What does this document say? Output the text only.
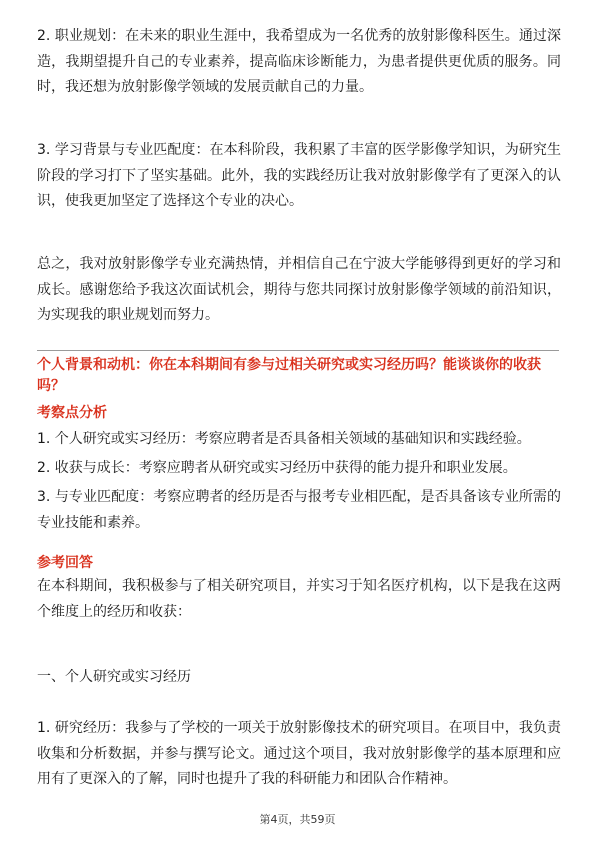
2. 职业规划：在未来的职业生涯中，我希望成为一名优秀的放射影像科医生。通过深造，我期望提升自己的专业素养，提高临床诊断能力，为患者提供更优质的服务。同时，我还想为放射影像学领域的发展贡献自己的力量。

3. 学习背景与专业匹配度：在本科阶段，我积累了丰富的医学影像学知识，为研究生阶段的学习打下了坚实基础。此外，我的实践经历让我对放射影像学有了更深入的认识，使我更加坚定了选择这个专业的决心。

总之，我对放射影像学专业充满热情，并相信自己在宁波大学能够得到更好的学习和成长。感谢您给予我这次面试机会，期待与您共同探讨放射影像学领域的前沿知识，为实现我的职业规划而努力。

个人背景和动机：你在本科期间有参与过相关研究或实习经历吗？能谈谈你的收获吗？

考察点分析

1. 个人研究或实习经历：考察应聘者是否具备相关领域的基础知识和实践经验。

2. 收获与成长：考察应聘者从研究或实习经历中获得的能力提升和职业发展。

3. 与专业匹配度：考察应聘者的经历是否与报考专业相匹配，是否具备该专业所需的专业技能和素养。

参考回答

在本科期间，我积极参与了相关研究项目，并实习于知名医疗机构，以下是我在这两个维度上的经历和收获：

一、个人研究或实习经历

1. 研究经历：我参与了学校的一项关于放射影像技术的研究项目。在项目中，我负责收集和分析数据，并参与撰写论文。通过这个项目，我对放射影像学的基本原理和应用有了更深入的了解，同时也提升了我的科研能力和团队合作精神。

第4页，共59页
